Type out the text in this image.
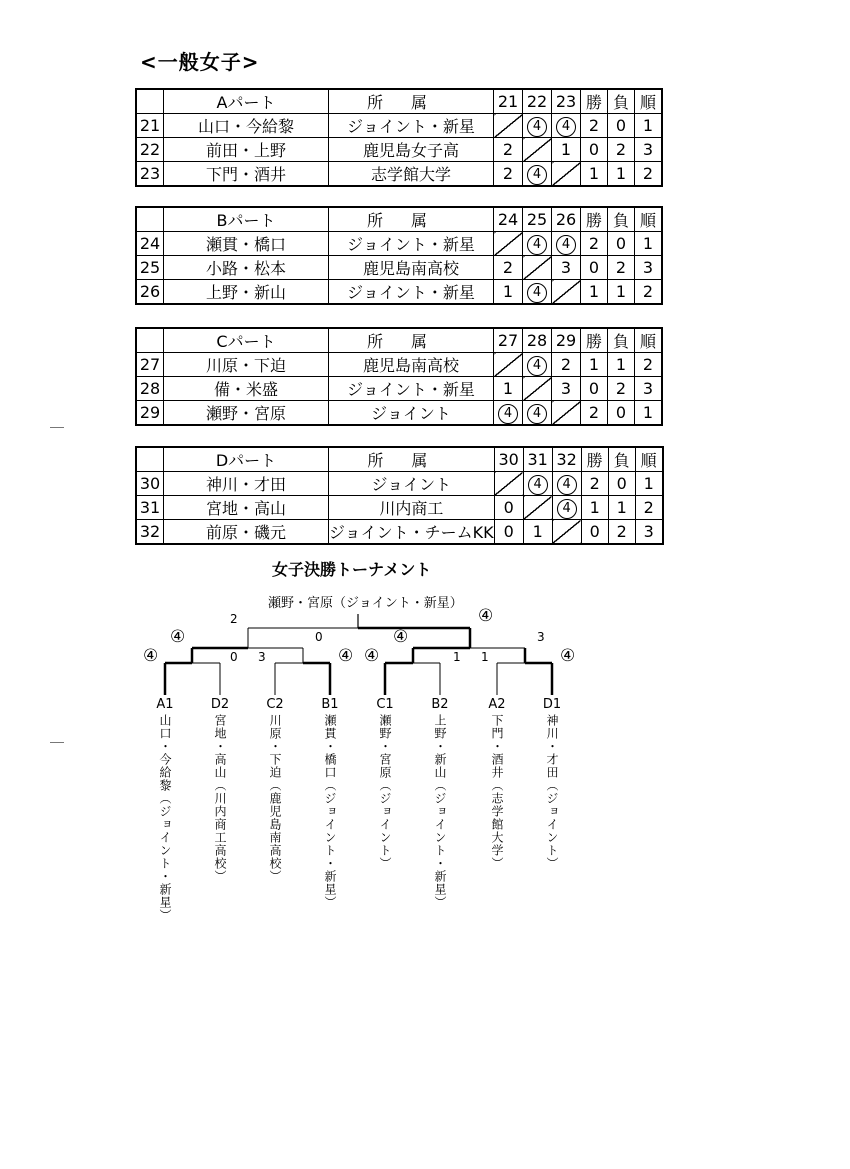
<一般女子>
	Aパート	所属	21	22	23	勝	負	順
21	山口・今給黎	ジョイント・新星		4	4	2	0	1
22	前田・上野	鹿児島女子高	2		1	0	2	3
23	下門・酒井	志学館大学	2	4		1	1	2
	Bパート	所属	24	25	26	勝	負	順
24	瀬貫・橋口	ジョイント・新星		4	4	2	0	1
25	小路・松本	鹿児島南高校	2		3	0	2	3
26	上野・新山	ジョイント・新星	1	4		1	1	2
	Cパート	所属	27	28	29	勝	負	順
27	川原・下迫	鹿児島南高校		4	2	1	1	2
28	備・米盛	ジョイント・新星	1		3	0	2	3
29	瀬野・宮原	ジョイント	4	4		2	0	1
	Dパート	所属	30	31	32	勝	負	順
30	神川・才田	ジョイント		4	4	2	0	1
31	宮地・高山	川内商工	0		4	1	1	2
32	前原・磯元	ジョイント・チームKK	0	1		0	2	3
女子決勝トーナメント
瀬野・宮原（ジョイント・新星）
2	④
0
④
④	0 3	④
④
④	1 1	④
3
A1
山口・今給黎（ジョイント・新星）
D2
宮地・高山（川内商工高校）
C2
川原・下迫（鹿児島南高校）
B1
瀬貫・橋口（ジョイント・新星）
C1
瀬野・宮原（ジョイント）
B2
上野・新山（ジョイント・新星）
A2
下門・酒井（志学館大学）
D1
神川・才田（ジョイント）
